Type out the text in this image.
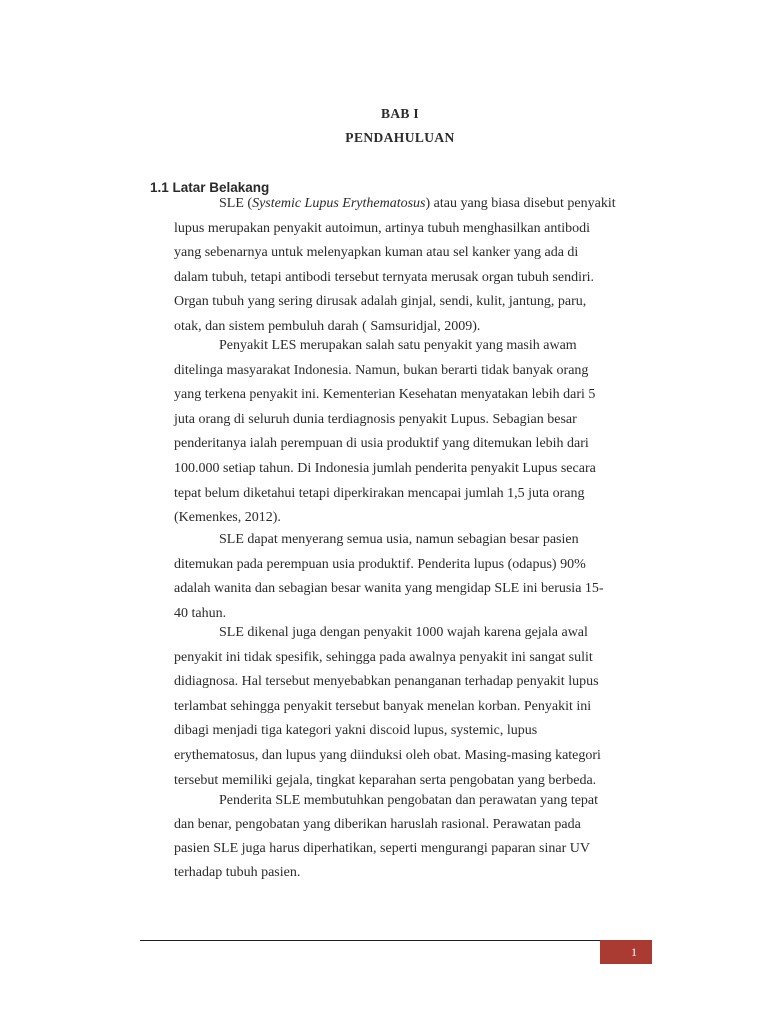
BAB I
PENDAHULUAN
1.1 Latar Belakang
SLE (Systemic Lupus Erythematosus) atau yang biasa disebut penyakit
lupus merupakan penyakit autoimun, artinya tubuh menghasilkan antibodi
yang sebenarnya untuk melenyapkan kuman atau sel kanker yang ada di
dalam tubuh, tetapi antibodi tersebut ternyata merusak organ tubuh sendiri.
Organ tubuh yang sering dirusak adalah ginjal, sendi, kulit, jantung, paru,
otak, dan sistem pembuluh darah ( Samsuridjal, 2009).
Penyakit LES merupakan salah satu penyakit yang masih awam
ditelinga masyarakat Indonesia. Namun, bukan berarti tidak banyak orang
yang terkena penyakit ini. Kementerian Kesehatan menyatakan lebih dari 5
juta orang di seluruh dunia terdiagnosis penyakit Lupus. Sebagian besar
penderitanya ialah perempuan di usia produktif yang ditemukan lebih dari
100.000 setiap tahun. Di Indonesia jumlah penderita penyakit Lupus secara
tepat belum diketahui tetapi diperkirakan mencapai jumlah 1,5 juta orang
(Kemenkes, 2012).
SLE dapat menyerang semua usia, namun sebagian besar pasien
ditemukan pada perempuan usia produktif. Penderita lupus (odapus) 90%
adalah wanita dan sebagian besar wanita yang mengidap SLE ini berusia 15-
40 tahun.
SLE dikenal juga dengan penyakit 1000 wajah karena gejala awal
penyakit ini tidak spesifik, sehingga pada awalnya penyakit ini sangat sulit
didiagnosa. Hal tersebut menyebabkan penanganan terhadap penyakit lupus
terlambat sehingga penyakit tersebut banyak menelan korban. Penyakit ini
dibagi menjadi tiga kategori yakni discoid lupus, systemic, lupus
erythematosus, dan lupus yang diinduksi oleh obat. Masing-masing kategori
tersebut memiliki gejala, tingkat keparahan serta pengobatan yang berbeda.
Penderita SLE membutuhkan pengobatan dan perawatan yang tepat
dan benar, pengobatan yang diberikan haruslah rasional. Perawatan pada
pasien SLE juga harus diperhatikan, seperti mengurangi paparan sinar UV
terhadap tubuh pasien.
1
